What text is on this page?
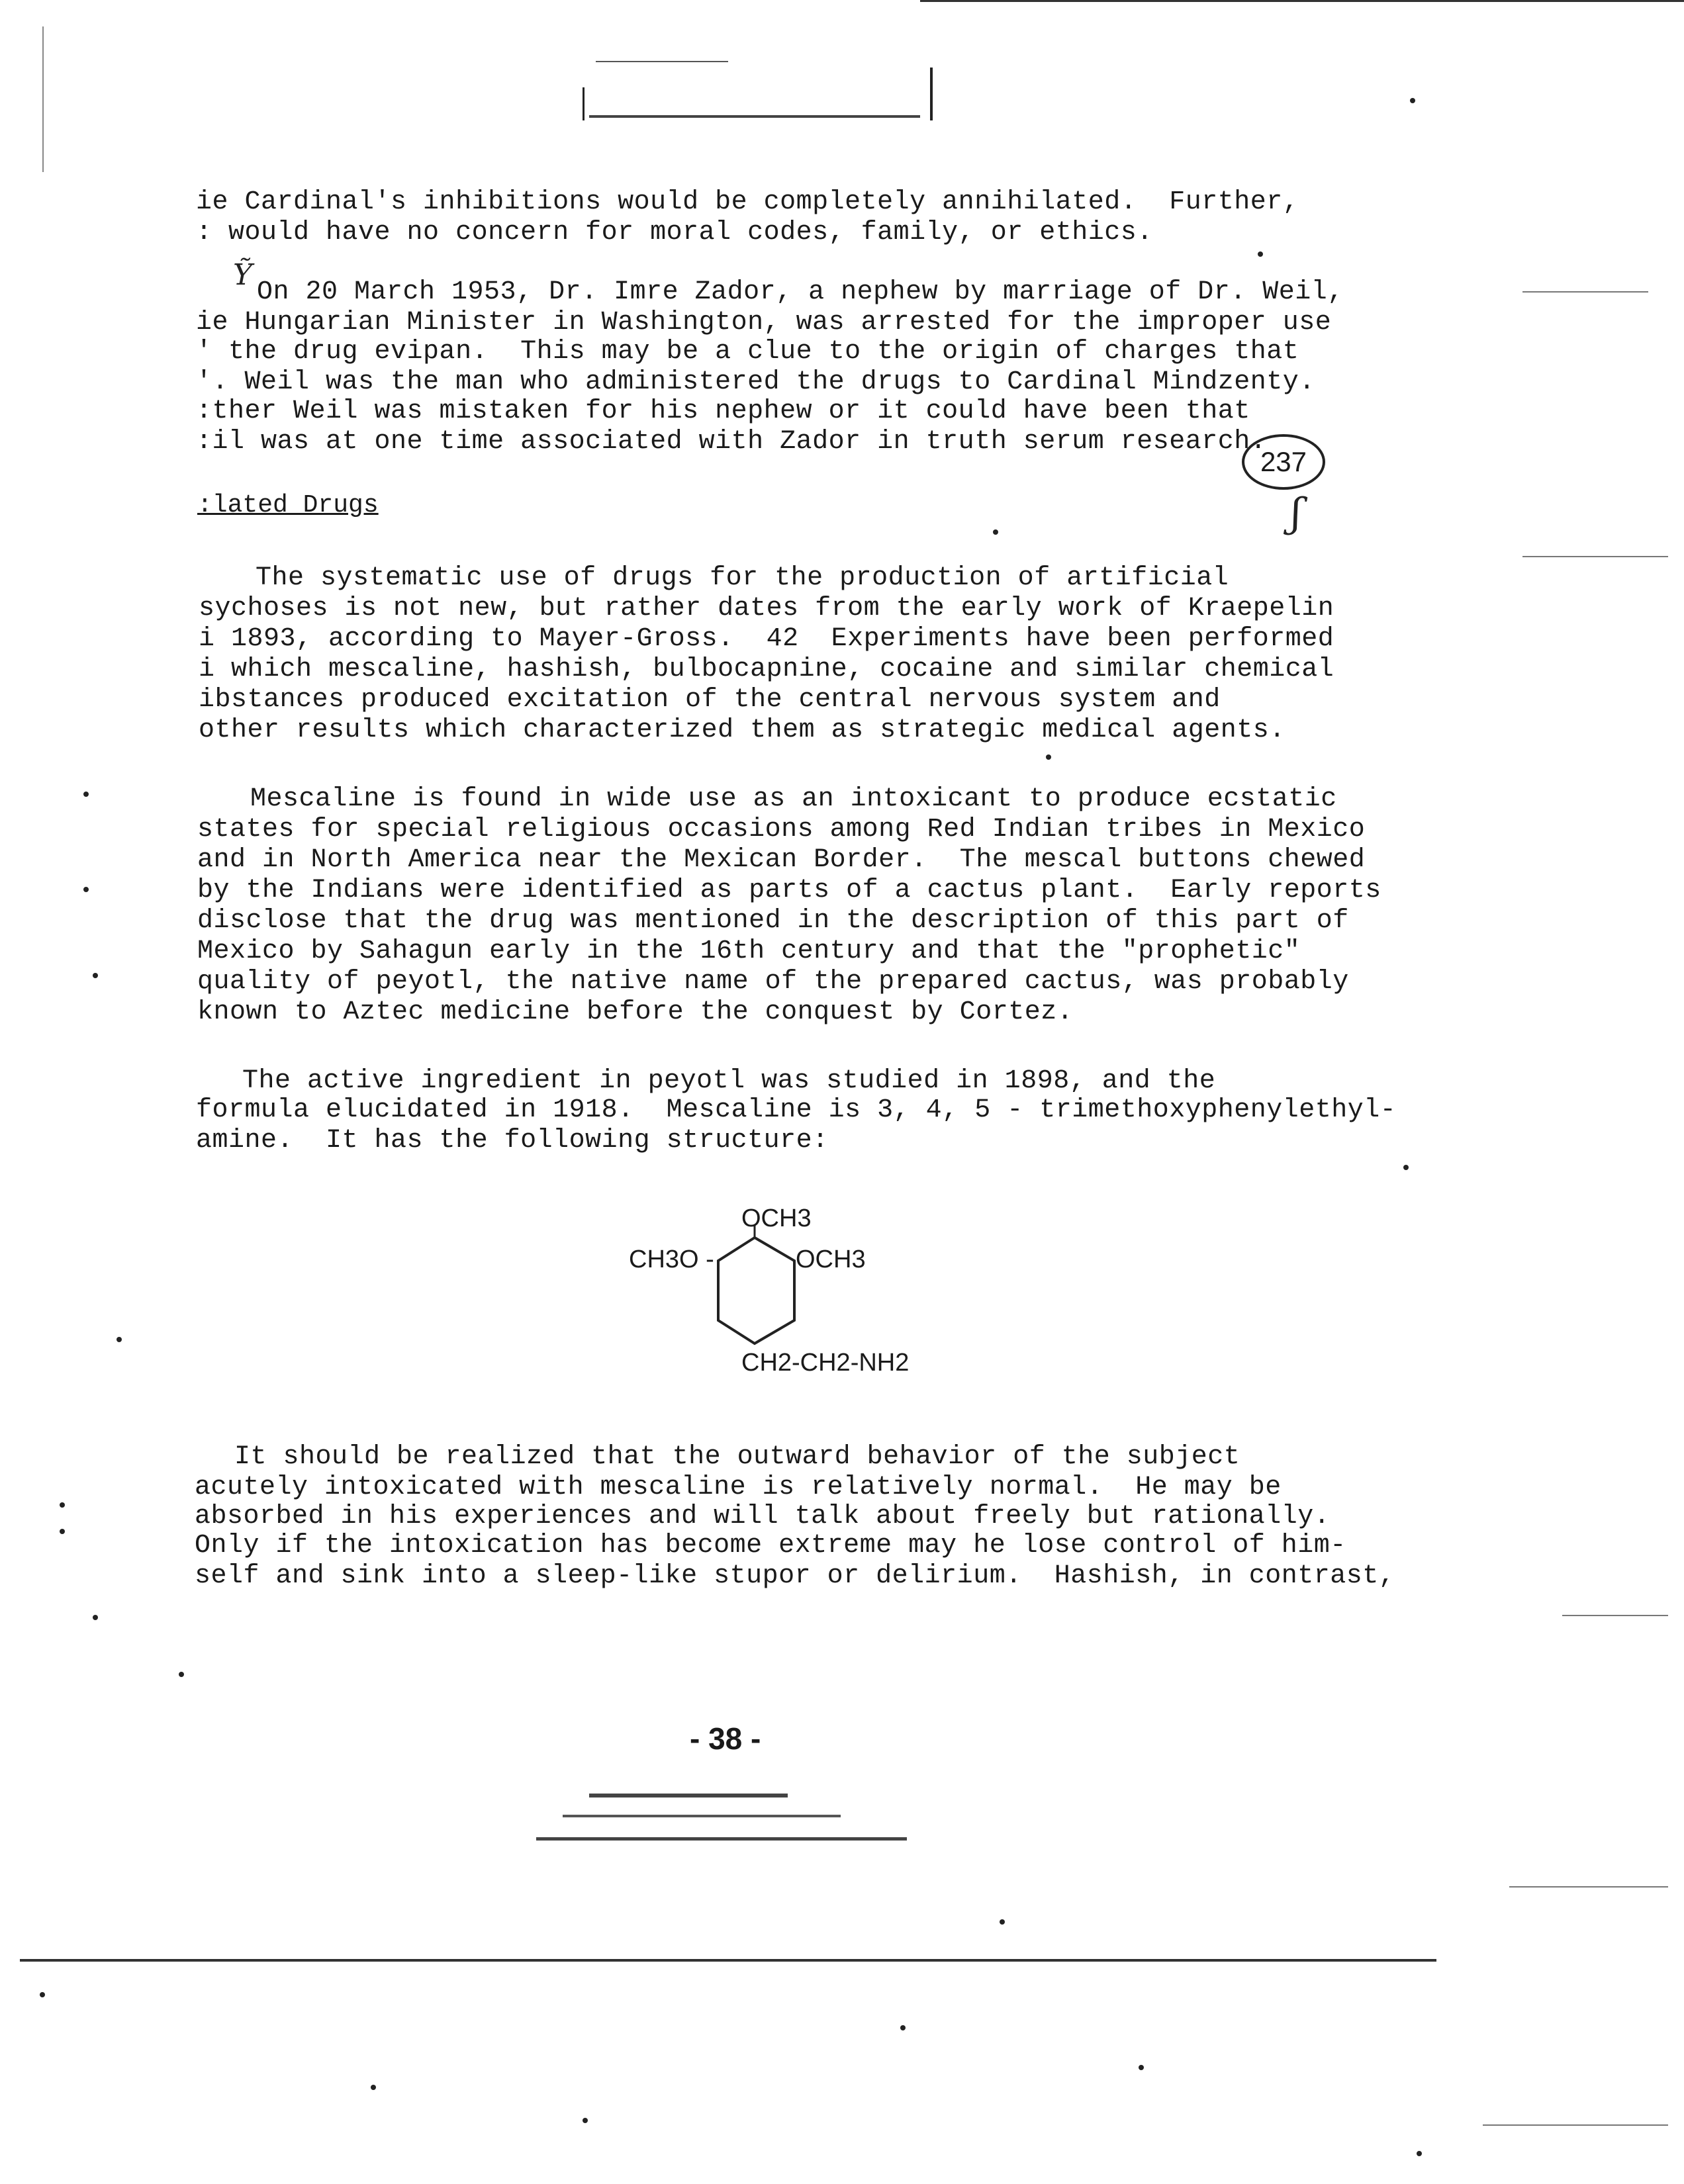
ie Cardinal's inhibitions would be completely annihilated.  Further,
: would have no concern for moral codes, family, or ethics.
Ỹ
On 20 March 1953, Dr. Imre Zador, a nephew by marriage of Dr. Weil,
ie Hungarian Minister in Washington, was arrested for the improper use
' the drug evipan.  This may be a clue to the origin of charges that
'. Weil was the man who administered the drugs to Cardinal Mindzenty.
:ther Weil was mistaken for his nephew or it could have been that
:il was at one time associated with Zador in truth serum research.
237
ʃ
:lated Drugs
The systematic use of drugs for the production of artificial
sychoses is not new, but rather dates from the early work of Kraepelin
i 1893, according to Mayer-Gross.  42  Experiments have been performed
i which mescaline, hashish, bulbocapnine, cocaine and similar chemical
ibstances produced excitation of the central nervous system and
other results which characterized them as strategic medical agents.
Mescaline is found in wide use as an intoxicant to produce ecstatic
states for special religious occasions among Red Indian tribes in Mexico
and in North America near the Mexican Border.  The mescal buttons chewed
by the Indians were identified as parts of a cactus plant.  Early reports
disclose that the drug was mentioned in the description of this part of
Mexico by Sahagun early in the 16th century and that the "prophetic"
quality of peyotl, the native name of the prepared cactus, was probably
known to Aztec medicine before the conquest by Cortez.
The active ingredient in peyotl was studied in 1898, and the
formula elucidated in 1918.  Mescaline is 3, 4, 5 - trimethoxyphenylethyl-
amine.  It has the following structure:
OCH3
CH3O -	OCH3
CH2-CH2-NH2
It should be realized that the outward behavior of the subject
acutely intoxicated with mescaline is relatively normal.  He may be
absorbed in his experiences and will talk about freely but rationally.
Only if the intoxication has become extreme may he lose control of him-
self and sink into a sleep-like stupor or delirium.  Hashish, in contrast,
- 38 -
